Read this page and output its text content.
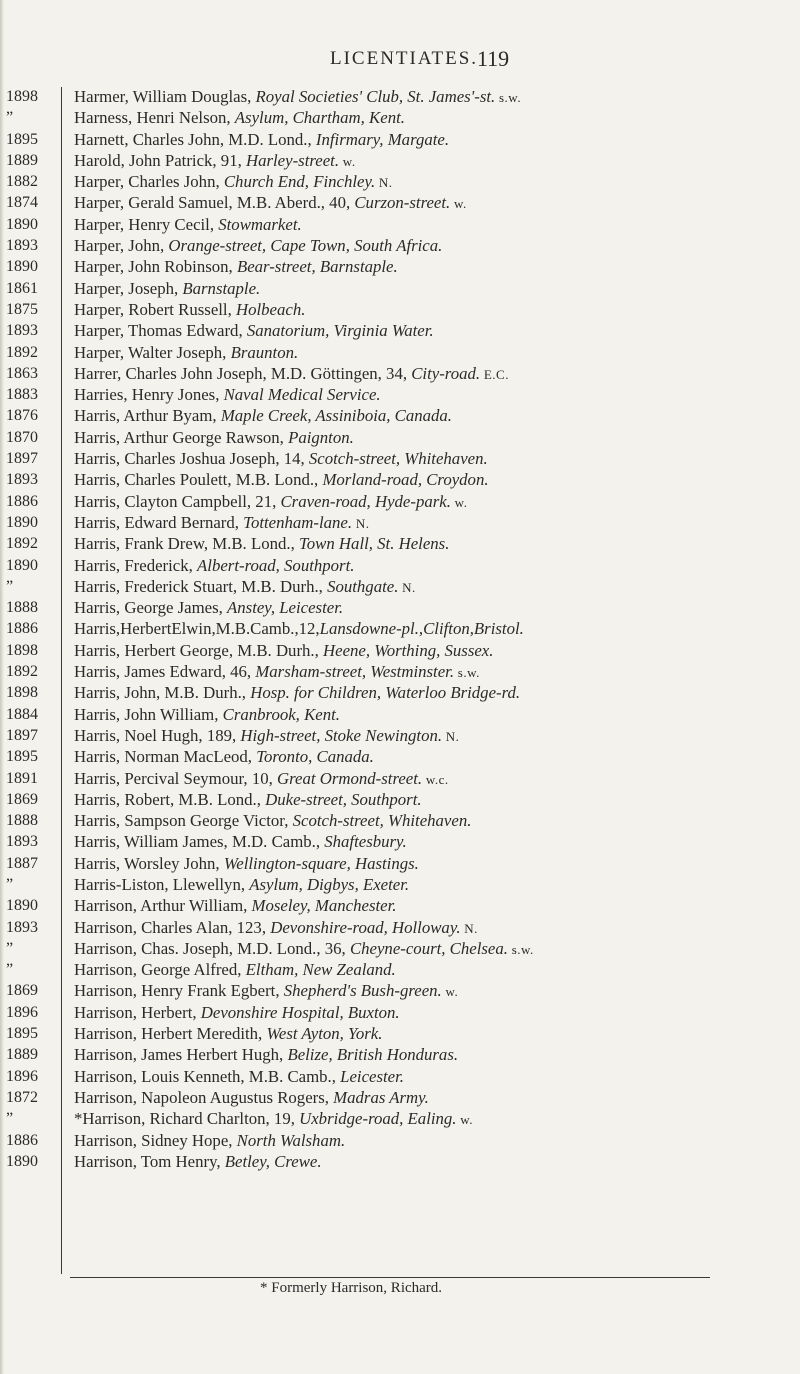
LICENTIATES.
119
1898
”
1895
1889
1882
1874
1890
1893
1890
1861
1875
1893
1892
1863
1883
1876
1870
1897
1893
1886
1890
1892
1890
”
1888
1886
1898
1892
1898
1884
1897
1895
1891
1869
1888
1893
1887
”
1890
1893
”
”
1869
1896
1895
1889
1896
1872
”
1886
1890
Harmer, William Douglas, Royal Societies' Club, St. James'-st. s.w.
Harness, Henri Nelson, Asylum, Chartham, Kent.
Harnett, Charles John, M.D. Lond., Infirmary, Margate.
Harold, John Patrick, 91, Harley-street. w.
Harper, Charles John, Church End, Finchley. N.
Harper, Gerald Samuel, M.B. Aberd., 40, Curzon-street. w.
Harper, Henry Cecil, Stowmarket.
Harper, John, Orange-street, Cape Town, South Africa.
Harper, John Robinson, Bear-street, Barnstaple.
Harper, Joseph, Barnstaple.
Harper, Robert Russell, Holbeach.
Harper, Thomas Edward, Sanatorium, Virginia Water.
Harper, Walter Joseph, Braunton.
Harrer, Charles John Joseph, M.D. Göttingen, 34, City-road. E.C.
Harries, Henry Jones, Naval Medical Service.
Harris, Arthur Byam, Maple Creek, Assiniboia, Canada.
Harris, Arthur George Rawson, Paignton.
Harris, Charles Joshua Joseph, 14, Scotch-street, Whitehaven.
Harris, Charles Poulett, M.B. Lond., Morland-road, Croydon.
Harris, Clayton Campbell, 21, Craven-road, Hyde-park. w.
Harris, Edward Bernard, Tottenham-lane. N.
Harris, Frank Drew, M.B. Lond., Town Hall, St. Helens.
Harris, Frederick, Albert-road, Southport.
Harris, Frederick Stuart, M.B. Durh., Southgate. N.
Harris, George James, Anstey, Leicester.
Harris,HerbertElwin,M.B.Camb.,12,Lansdowne-pl.,Clifton,Bristol.
Harris, Herbert George, M.B. Durh., Heene, Worthing, Sussex.
Harris, James Edward, 46, Marsham-street, Westminster. s.w.
Harris, John, M.B. Durh., Hosp. for Children, Waterloo Bridge-rd.
Harris, John William, Cranbrook, Kent.
Harris, Noel Hugh, 189, High-street, Stoke Newington. N.
Harris, Norman MacLeod, Toronto, Canada.
Harris, Percival Seymour, 10, Great Ormond-street. w.c.
Harris, Robert, M.B. Lond., Duke-street, Southport.
Harris, Sampson George Victor, Scotch-street, Whitehaven.
Harris, William James, M.D. Camb., Shaftesbury.
Harris, Worsley John, Wellington-square, Hastings.
Harris-Liston, Llewellyn, Asylum, Digbys, Exeter.
Harrison, Arthur William, Moseley, Manchester.
Harrison, Charles Alan, 123, Devonshire-road, Holloway. N.
Harrison, Chas. Joseph, M.D. Lond., 36, Cheyne-court, Chelsea. s.w.
Harrison, George Alfred, Eltham, New Zealand.
Harrison, Henry Frank Egbert, Shepherd's Bush-green. w.
Harrison, Herbert, Devonshire Hospital, Buxton.
Harrison, Herbert Meredith, West Ayton, York.
Harrison, James Herbert Hugh, Belize, British Honduras.
Harrison, Louis Kenneth, M.B. Camb., Leicester.
Harrison, Napoleon Augustus Rogers, Madras Army.
*Harrison, Richard Charlton, 19, Uxbridge-road, Ealing. w.
Harrison, Sidney Hope, North Walsham.
Harrison, Tom Henry, Betley, Crewe.
* Formerly Harrison, Richard.
